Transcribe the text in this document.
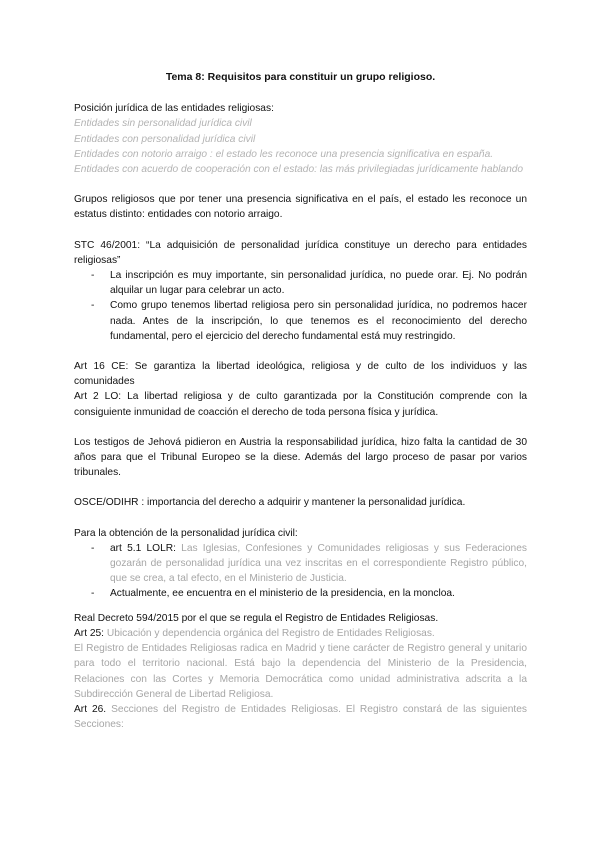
Tema 8: Requisitos para constituir un grupo religioso.

Posición jurídica de las entidades religiosas:

Entidades sin personalidad jurídica civil

Entidades con personalidad jurídica civil

Entidades con notorio arraigo : el estado les reconoce una presencia significativa en españa.

Entidades con acuerdo de cooperación con el estado: las más privilegiadas jurídicamente hablando

Grupos religiosos que por tener una presencia significativa en el país, el estado les reconoce un estatus distinto: entidades con notorio arraigo.

STC 46/2001: “La adquisición de personalidad jurídica constituye un derecho para entidades religiosas”

- La inscripción es muy importante, sin personalidad jurídica, no puede orar. Ej. No podrán alquilar un lugar para celebrar un acto.
- Como grupo tenemos libertad religiosa pero sin personalidad jurídica, no podremos hacer nada. Antes de la inscripción, lo que tenemos es el reconocimiento del derecho fundamental, pero el ejercicio del derecho fundamental está muy restringido.

Art 16 CE: Se garantiza la libertad ideológica, religiosa y de culto de los individuos y las comunidades

Art 2 LO: La libertad religiosa y de culto garantizada por la Constitución comprende con la consiguiente inmunidad de coacción el derecho de toda persona física y jurídica.

Los testigos de Jehová pidieron en Austria la responsabilidad jurídica, hizo falta la cantidad de 30 años para que el Tribunal Europeo se la diese. Además del largo proceso de pasar por varios tribunales.

OSCE/ODIHR : importancia del derecho a adquirir y mantener la personalidad jurídica.

Para la obtención de la personalidad jurídica civil:

- art 5.1 LOLR: Las Iglesias, Confesiones y Comunidades religiosas y sus Federaciones gozarán de personalidad jurídica una vez inscritas en el correspondiente Registro público, que se crea, a tal efecto, en el Ministerio de Justicia.
- Actualmente, ee encuentra en el ministerio de la presidencia, en la moncloa.

Real Decreto 594/2015 por el que se regula el Registro de Entidades Religiosas.

Art 25: Ubicación y dependencia orgánica del Registro de Entidades Religiosas.

El Registro de Entidades Religiosas radica en Madrid y tiene carácter de Registro general y unitario para todo el territorio nacional. Está bajo la dependencia del Ministerio de la Presidencia, Relaciones con las Cortes y Memoria Democrática como unidad administrativa adscrita a la Subdirección General de Libertad Religiosa.

Art 26. Secciones del Registro de Entidades Religiosas. El Registro constará de las siguientes Secciones:
